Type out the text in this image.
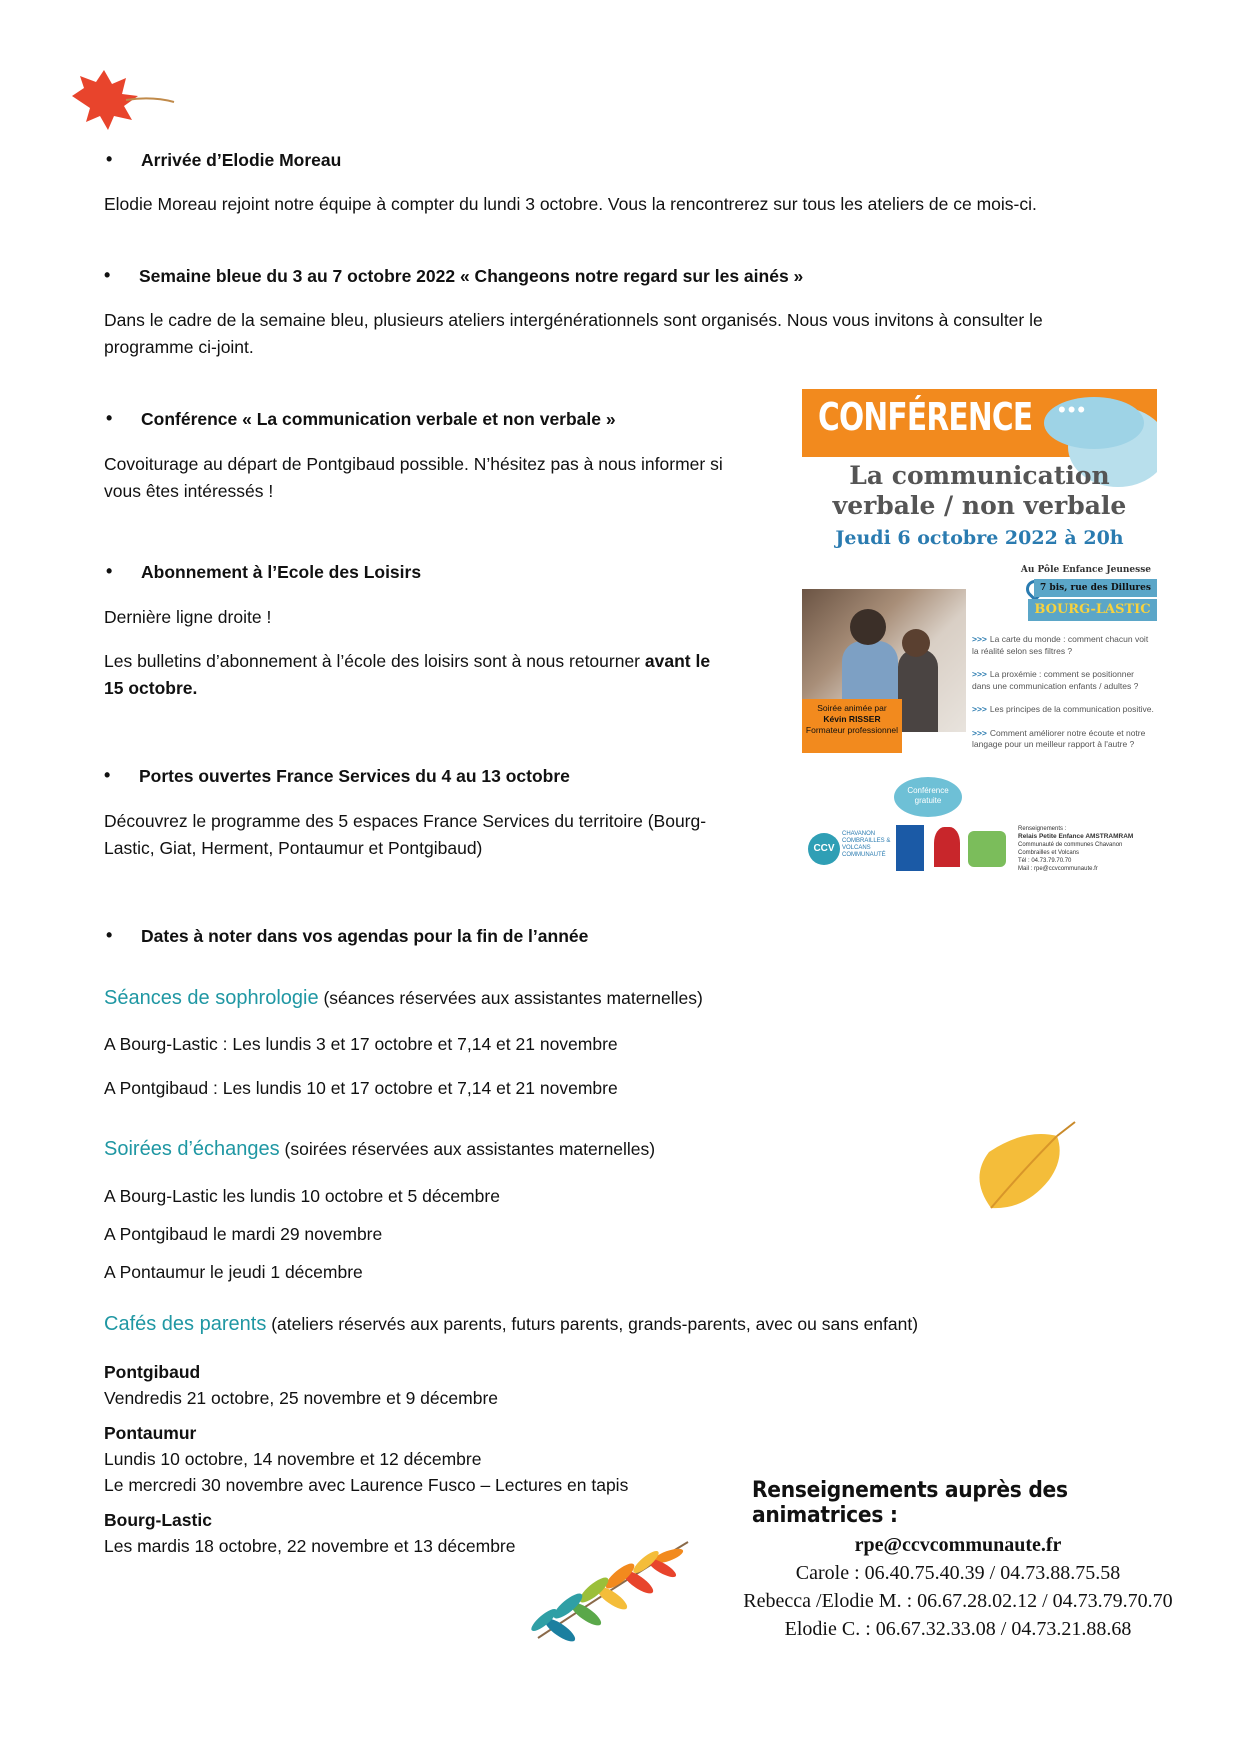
• Arrivée d’Elodie Moreau
Elodie Moreau rejoint notre équipe à compter du lundi 3 octobre. Vous la rencontrerez sur tous les ateliers de ce mois-ci.
• Semaine bleue du 3 au 7 octobre 2022 « Changeons notre regard sur les ainés »
Dans le cadre de la semaine bleu, plusieurs ateliers intergénérationnels sont organisés. Nous vous invitons à consulter le
programme ci-joint.
• Conférence « La communication verbale et non verbale »
Covoiturage au départ de Pontgibaud possible. N’hésitez pas à nous informer si
vous êtes intéressés !
• Abonnement à l’Ecole des Loisirs
Dernière ligne droite !
Les bulletins d’abonnement à l’école des loisirs sont à nous retourner avant le
15 octobre.
• Portes ouvertes France Services du 4 au 13 octobre
Découvrez le programme des 5 espaces France Services du territoire (Bourg-
Lastic, Giat, Herment, Pontaumur et Pontgibaud)
• Dates à noter dans vos agendas pour la fin de l’année
Séances de sophrologie (séances réservées aux assistantes maternelles)
A Bourg-Lastic : Les lundis 3 et 17 octobre et 7,14 et 21 novembre
A Pontgibaud : Les lundis 10 et 17 octobre et 7,14 et 21 novembre
Soirées d’échanges (soirées réservées aux assistantes maternelles)
A Bourg-Lastic les lundis 10 octobre et 5 décembre
A Pontgibaud le mardi 29 novembre
A Pontaumur le jeudi 1 décembre
Cafés des parents (ateliers réservés aux parents, futurs parents, grands-parents, avec ou sans enfant)
Pontgibaud
Vendredis 21 octobre, 25 novembre et 9 décembre
Pontaumur
Lundis 10 octobre, 14 novembre et 12 décembre
Le mercredi 30 novembre avec Laurence Fusco – Lectures en tapis
Bourg-Lastic
Les mardis 18 octobre, 22 novembre et 13 décembre
•••
CONFÉRENCE
La communication
verbale / non verbale
Jeudi 6 octobre 2022 à 20h
Au Pôle Enfance Jeunesse
7 bis, rue des Dillures
BOURG-LASTIC
Soirée animée par
Kévin RISSER
Formateur professionnel
>>> La carte du monde : comment chacun voit la réalité selon ses filtres ?
>>> La proxémie : comment se positionner dans une communication enfants / adultes ?
>>> Les principes de la communication positive.
>>> Comment améliorer notre écoute et notre langage pour un meilleur rapport à l'autre ?
Conférence gratuite
CCV
CHAVANON COMBRAILLES & VOLCANS COMMUNAUTÉ
Renseignements :
Relais Petite Enfance AMSTRAMRAM
Communauté de communes Chavanon Combrailles et Volcans
Tél : 04.73.79.70.70
Mail : rpe@ccvcommunaute.fr
Renseignements auprès des animatrices :
rpe@ccvcommunaute.fr
Carole : 06.40.75.40.39 / 04.73.88.75.58
Rebecca /Elodie M. : 06.67.28.02.12 / 04.73.79.70.70
Elodie C. : 06.67.32.33.08 / 04.73.21.88.68
